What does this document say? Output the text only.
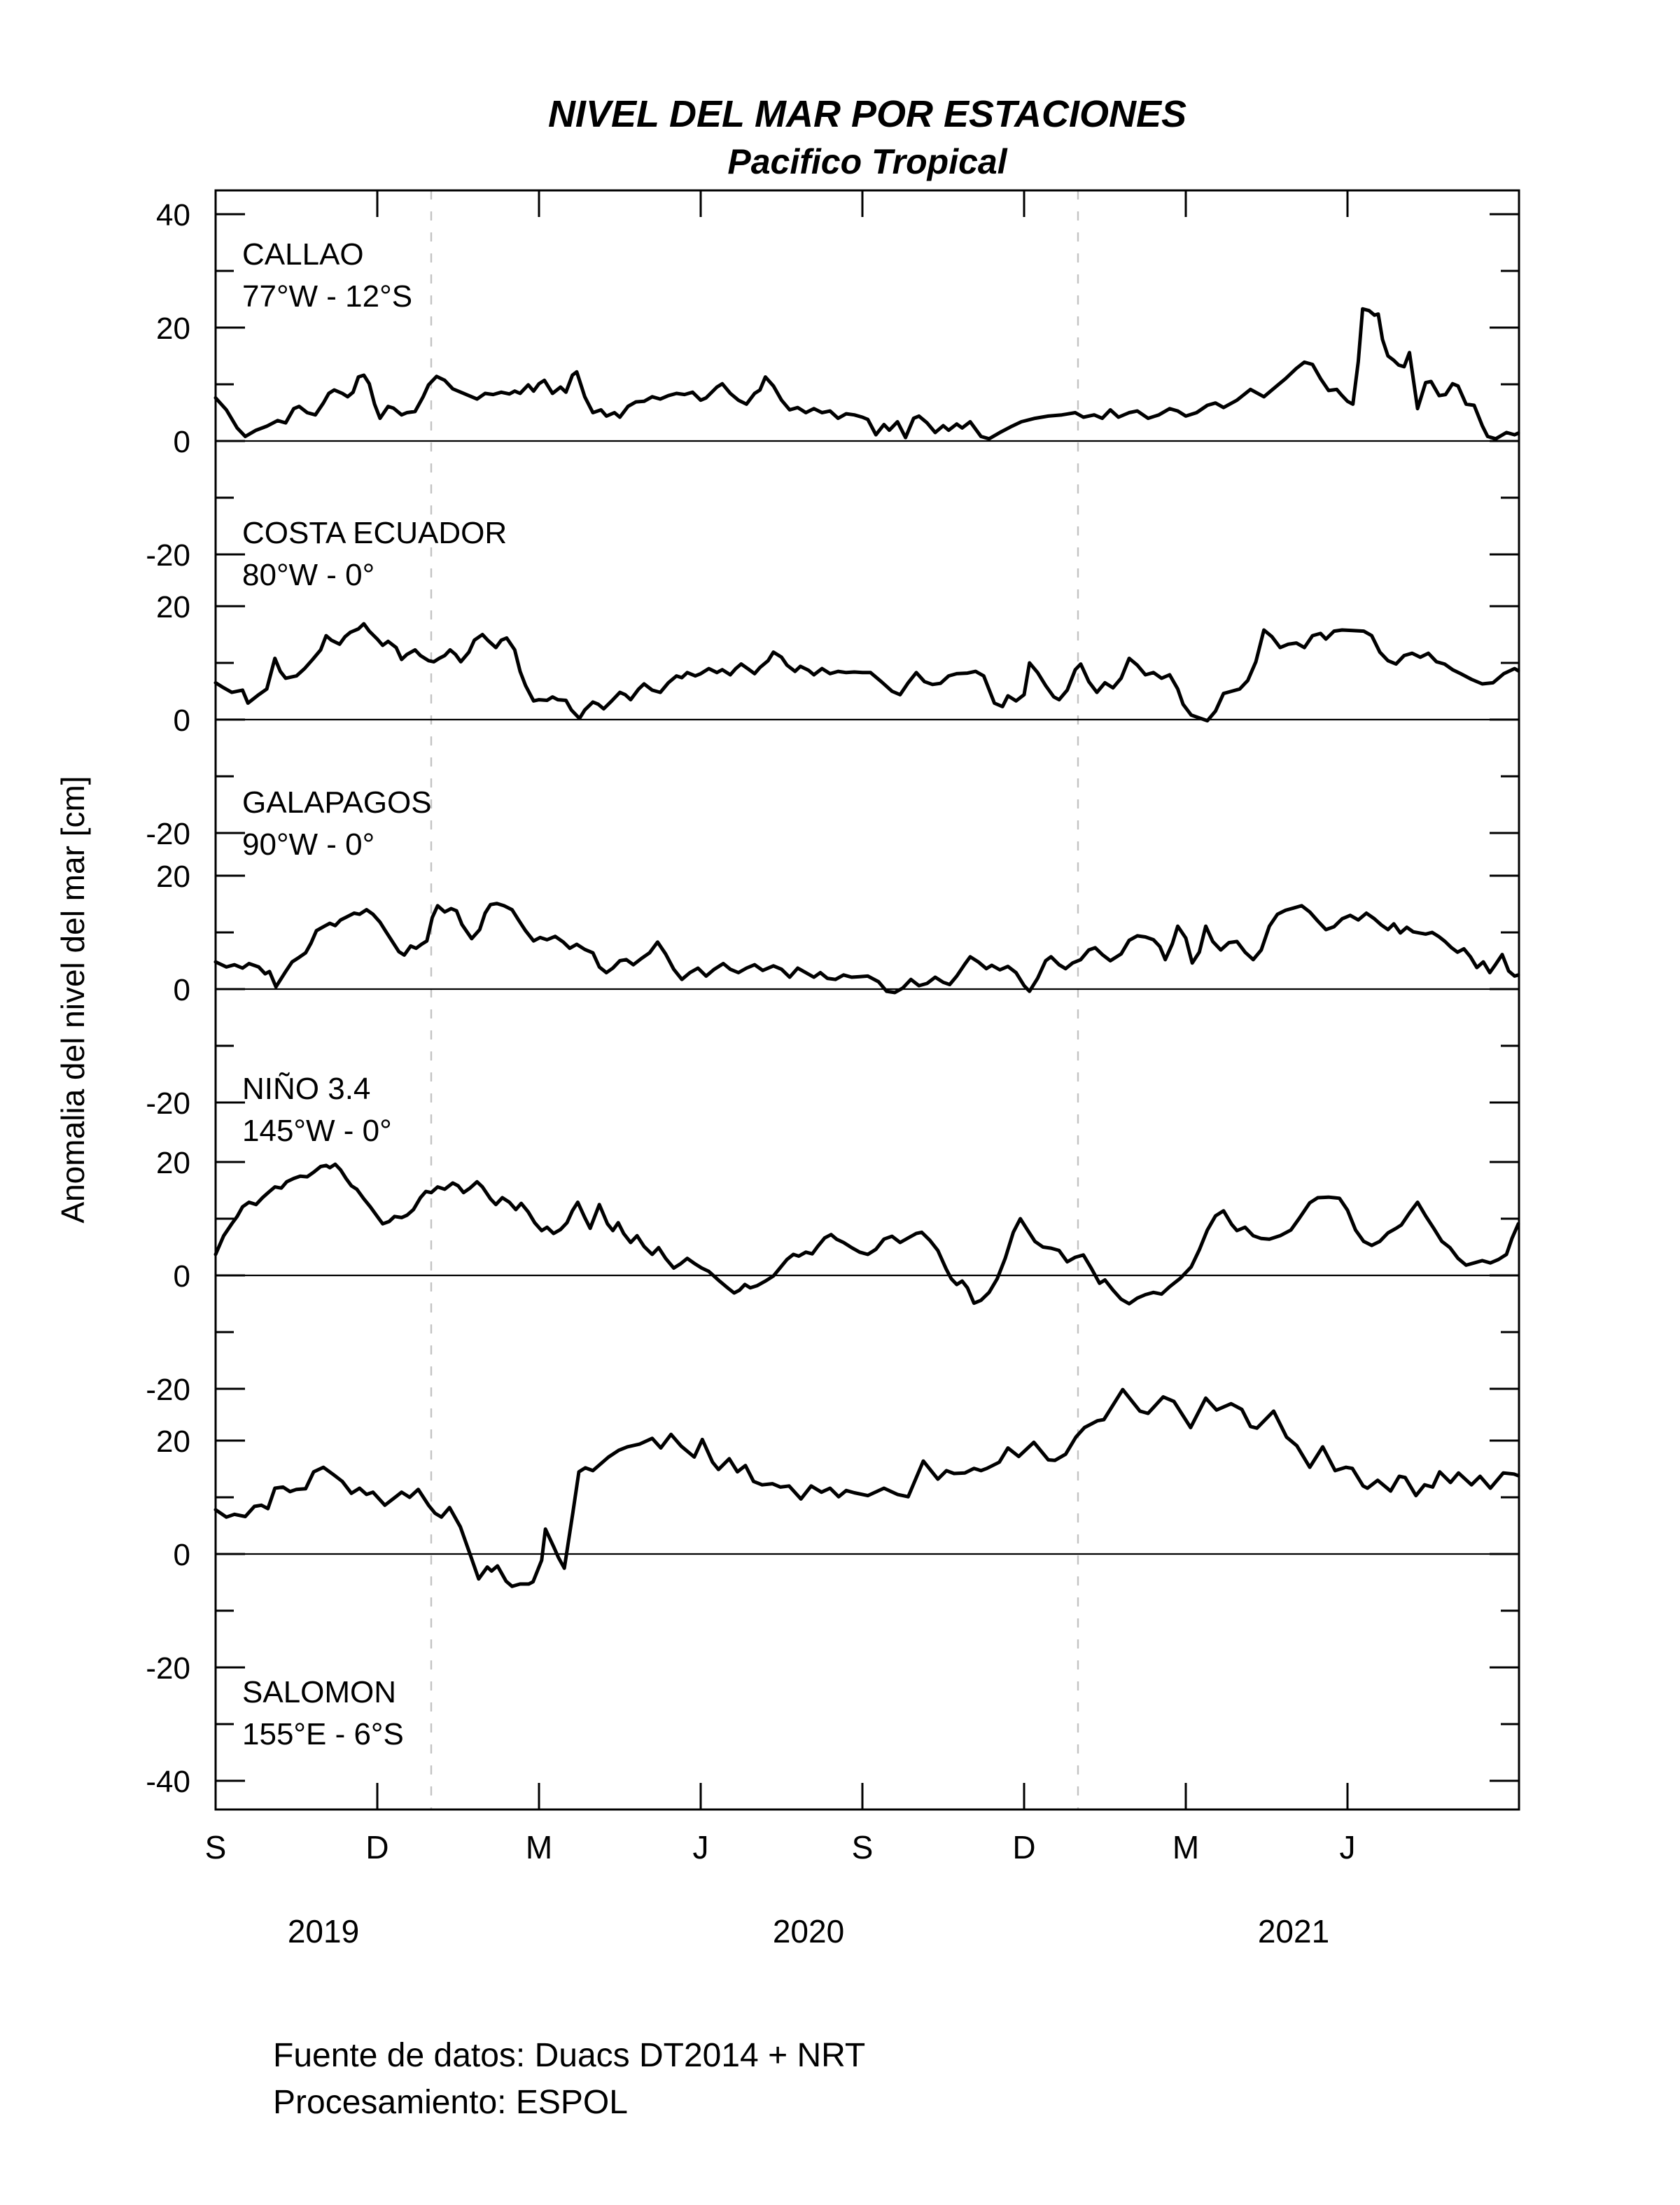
NIVEL DEL MAR POR ESTACIONES
Pacifico Tropical
Anomalia del nivel del mar [cm]
S	D	M	J	S	D	M	J
2019	2020	2021
40
20
0
-20
20
0
-20
20
0
-20
20
0
-20
20
0
-20
-40
CALLAO
77°W - 12°S
COSTA ECUADOR
80°W - 0°
GALAPAGOS
90°W - 0°
NIÑO 3.4
145°W - 0°
SALOMON
155°E - 6°S
Fuente de datos: Duacs DT2014 + NRT
Procesamiento: ESPOL
